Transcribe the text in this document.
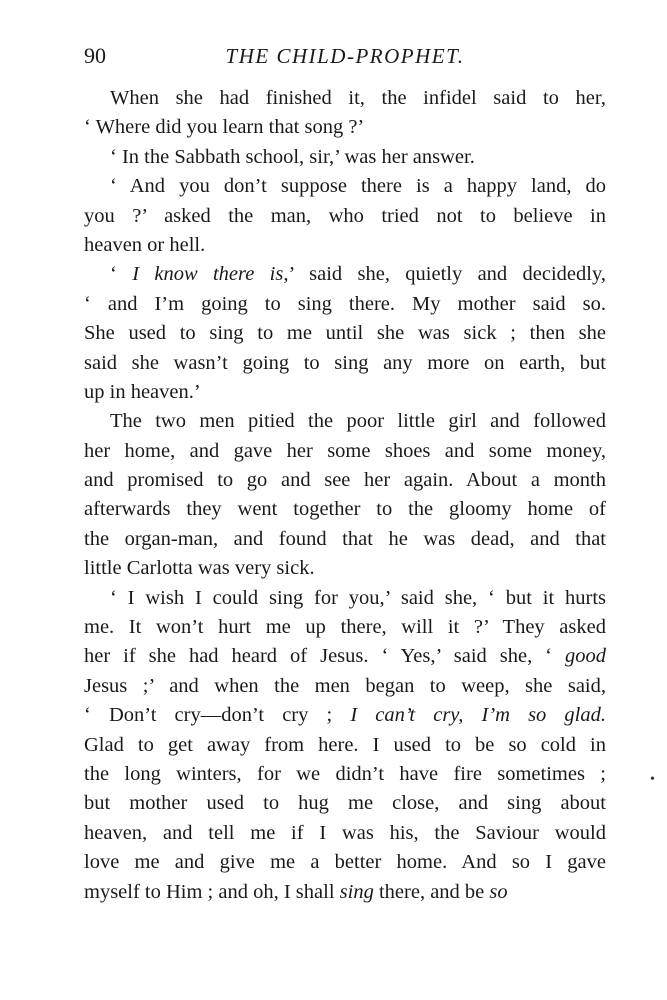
90	THE CHILD-PROPHET.
When she had finished it, the infidel said to her,
‘ Where did you learn that song ?’
‘ In the Sabbath school, sir,’ was her answer.
‘ And you don’t suppose there is a happy land, do
you ?’ asked the man, who tried not to believe in
heaven or hell.
‘ I know there is,’ said she, quietly and decidedly,
‘ and I’m going to sing there. My mother said so.
She used to sing to me until she was sick ; then she
said she wasn’t going to sing any more on earth, but
up in heaven.’
The two men pitied the poor little girl and followed
her home, and gave her some shoes and some money,
and promised to go and see her again. About a month
afterwards they went together to the gloomy home of
the organ-man, and found that he was dead, and that
little Carlotta was very sick.
‘ I wish I could sing for you,’ said she, ‘ but it hurts
me. It won’t hurt me up there, will it ?’ They asked
her if she had heard of Jesus. ‘ Yes,’ said she, ‘ good
Jesus ;’ and when the men began to weep, she said,
‘ Don’t cry—don’t cry ; I can’t cry, I’m so glad.
Glad to get away from here. I used to be so cold in
the long winters, for we didn’t have fire sometimes ;
but mother used to hug me close, and sing about
heaven, and tell me if I was his, the Saviour would
love me and give me a better home. And so I gave
myself to Him ; and oh, I shall sing there, and be so
•
